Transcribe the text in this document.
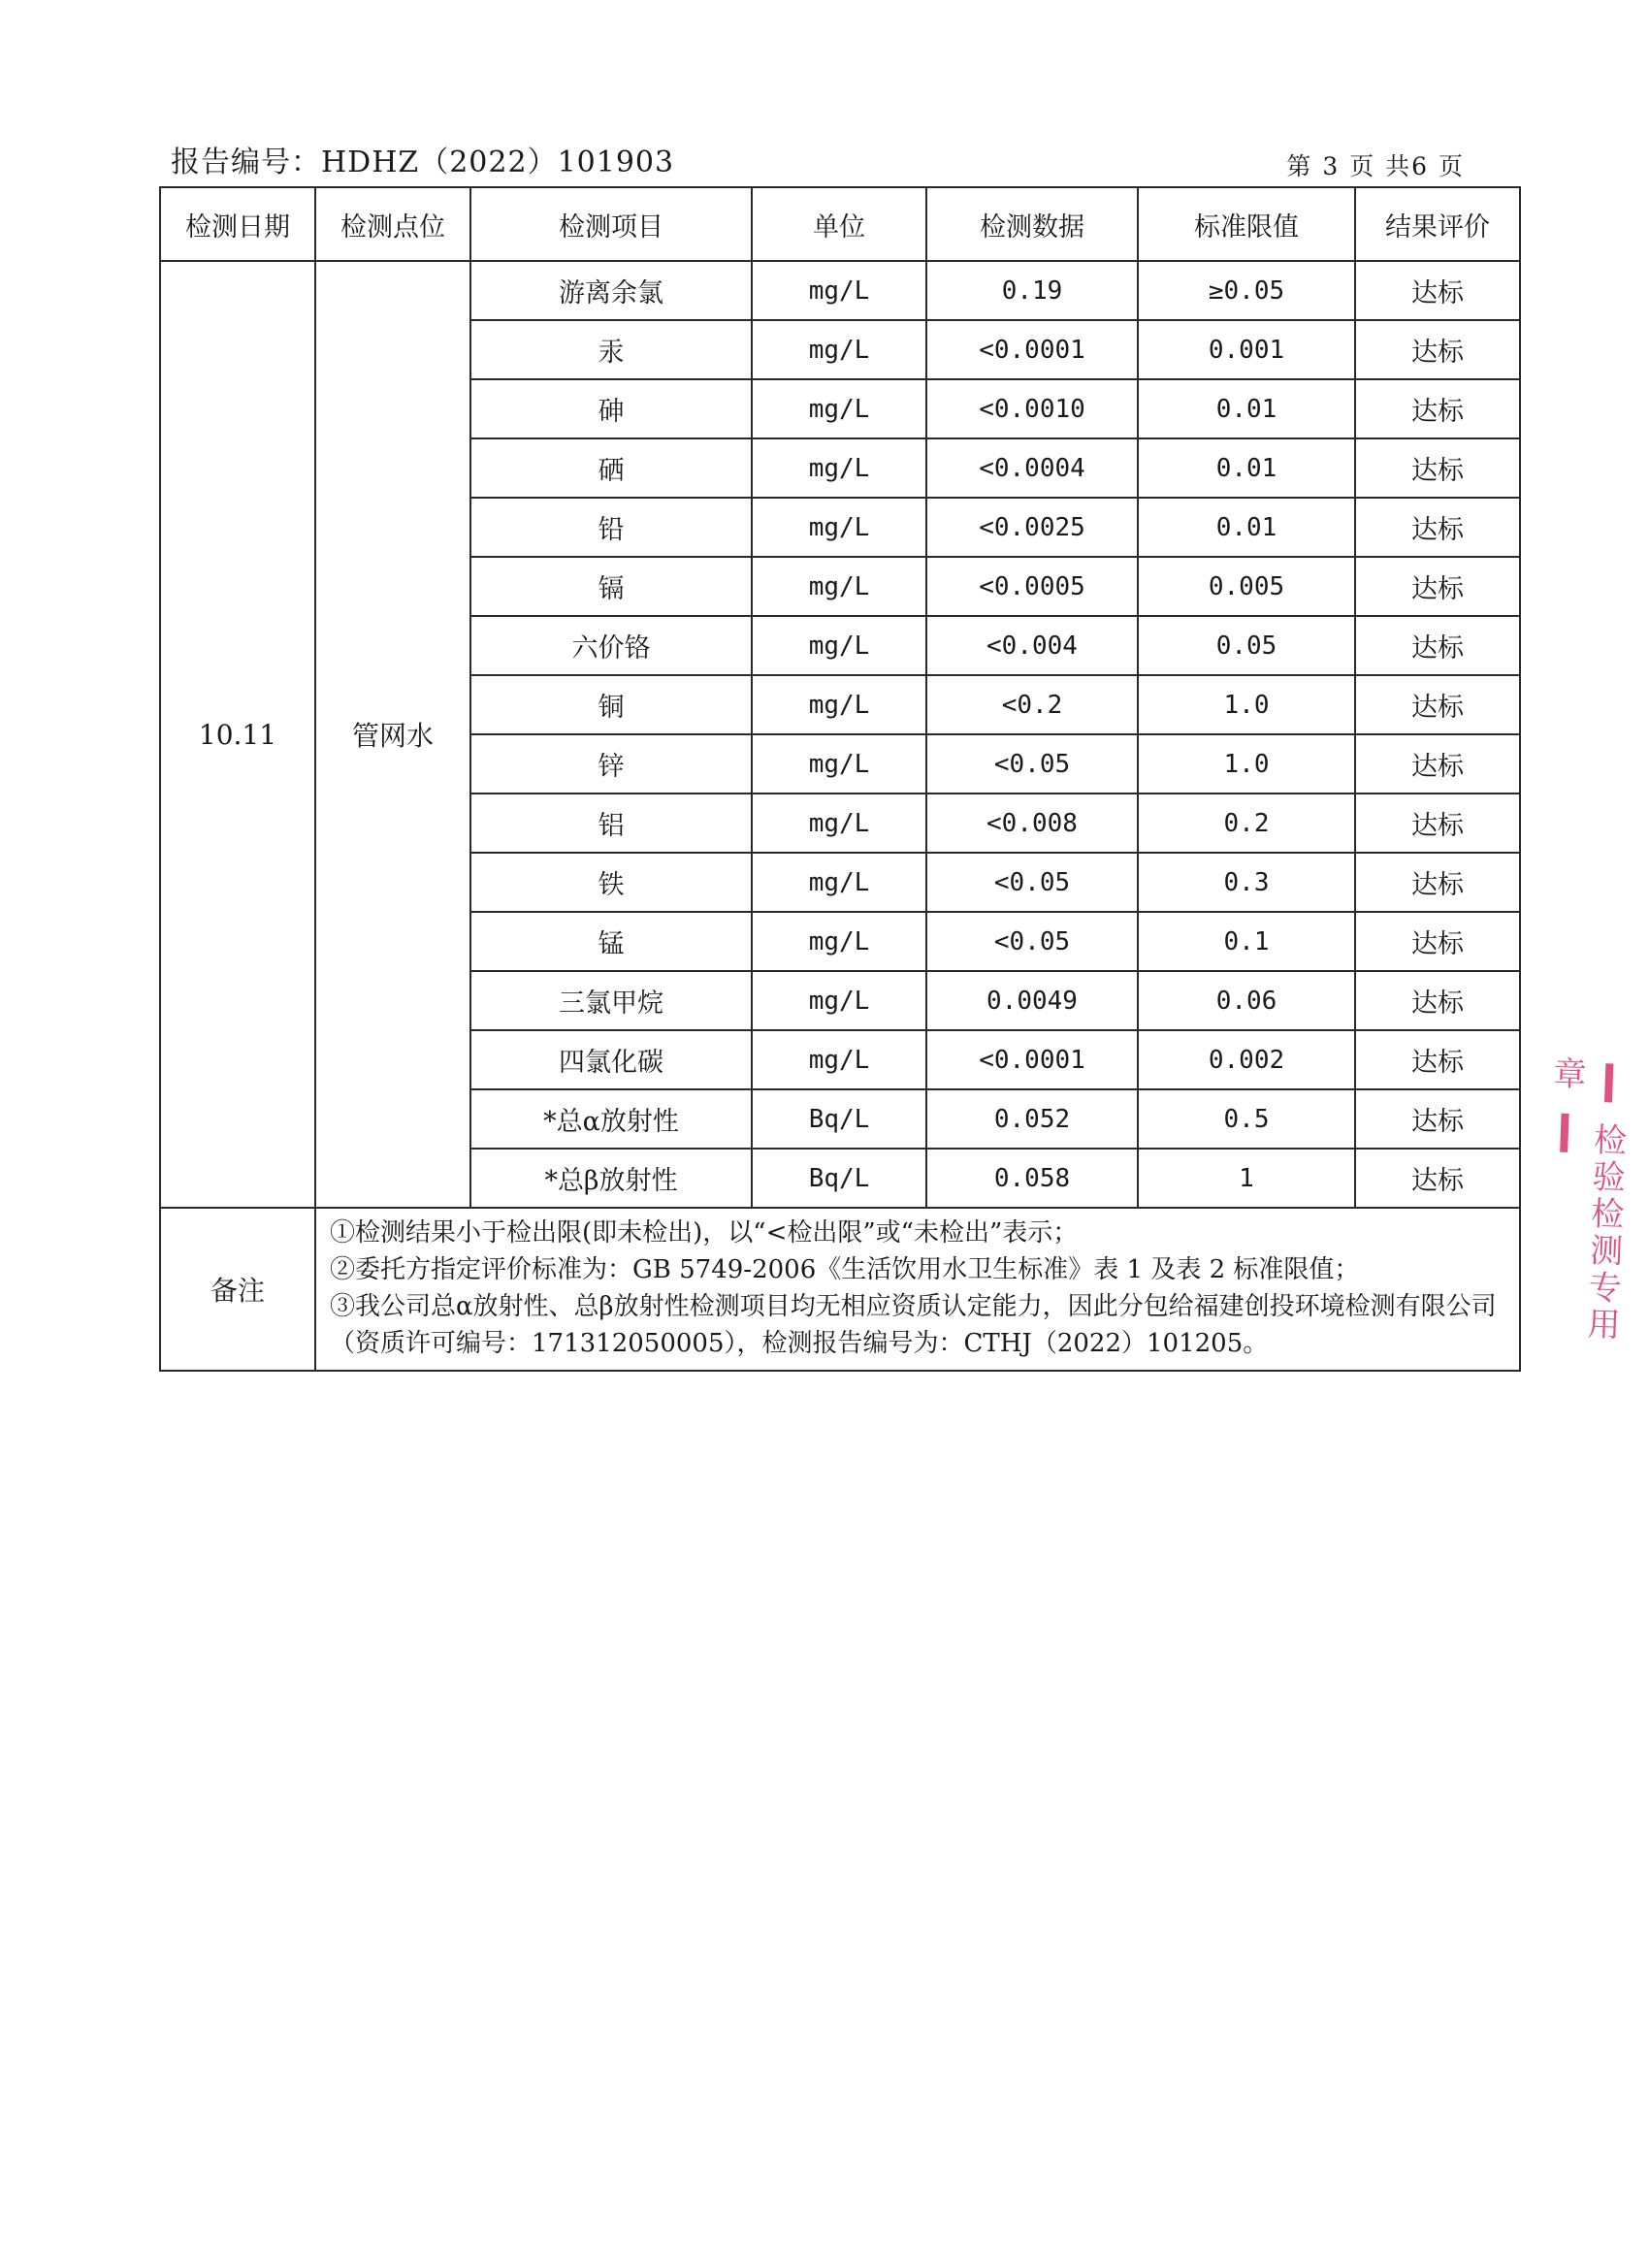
报告编号：HDHZ（2022）101903	第 3 页 共6 页
检测日期	检测点位	检测项目	单位	检测数据	标准限值	结果评价
10.11	管网水	游离余氯	mg/L	0.19	≥0.05	达标
		汞	mg/L	<0.0001	0.001	达标
		砷	mg/L	<0.0010	0.01	达标
		硒	mg/L	<0.0004	0.01	达标
		铅	mg/L	<0.0025	0.01	达标
		镉	mg/L	<0.0005	0.005	达标
		六价铬	mg/L	<0.004	0.05	达标
		铜	mg/L	<0.2	1.0	达标
		锌	mg/L	<0.05	1.0	达标
		铝	mg/L	<0.008	0.2	达标
		铁	mg/L	<0.05	0.3	达标
		锰	mg/L	<0.05	0.1	达标
		三氯甲烷	mg/L	0.0049	0.06	达标
		四氯化碳	mg/L	<0.0001	0.002	达标
		*总α放射性	Bq/L	0.052	0.5	达标
		*总β放射性	Bq/L	0.058	1	达标
备注	①检测结果小于检出限(即未检出)，以“<检出限”或“未检出”表示；
②委托方指定评价标准为：GB 5749-2006《生活饮用水卫生标准》表 1 及表 2 标准限值；
③我公司总α放射性、总β放射性检测项目均无相应资质认定能力，因此分包给福建创投环境检测有限公司（资质许可编号：171312050005），检测报告编号为：CTHJ（2022）101205。						检验检测专用章
